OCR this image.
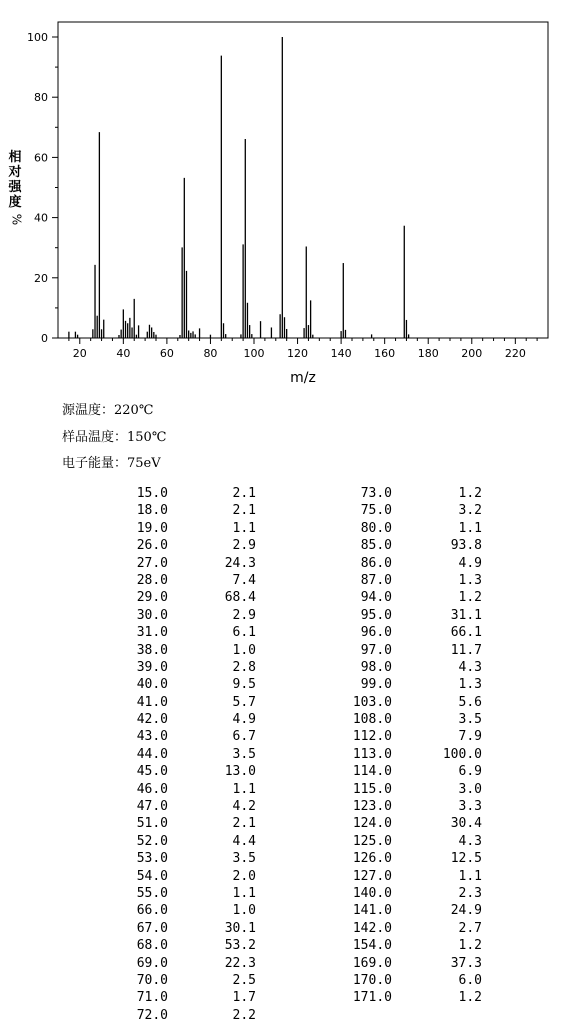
20	40	60	80 100 120 140 160 180 200 220
0
20
40
60
80
100
m/z
相对强度
%
源温度：220℃
样品温度：150℃
电子能量：75eV
15.0	2.1
18.0	2.1
19.0	1.1
26.0	2.9
27.0	24.3
28.0	7.4
29.0	68.4
30.0	2.9
31.0	6.1
38.0	1.0
39.0	2.8
40.0	9.5
41.0	5.7
42.0	4.9
43.0	6.7
44.0	3.5
45.0	13.0
46.0	1.1
47.0	4.2
51.0	2.1
52.0	4.4
53.0	3.5
54.0	2.0
55.0	1.1
66.0	1.0
67.0	30.1
68.0	53.2
69.0	22.3
70.0	2.5
71.0	1.7
72.0	2.2
73.0	1.2
75.0	3.2
80.0	1.1
85.0	93.8
86.0	4.9
87.0	1.3
94.0	1.2
95.0	31.1
96.0	66.1
97.0	11.7
98.0	4.3
99.0	1.3
103.0	5.6
108.0	3.5
112.0	7.9
113.0	100.0
114.0	6.9
115.0	3.0
123.0	3.3
124.0	30.4
125.0	4.3
126.0	12.5
127.0	1.1
140.0	2.3
141.0	24.9
142.0	2.7
154.0	1.2
169.0	37.3
170.0	6.0
171.0	1.2
